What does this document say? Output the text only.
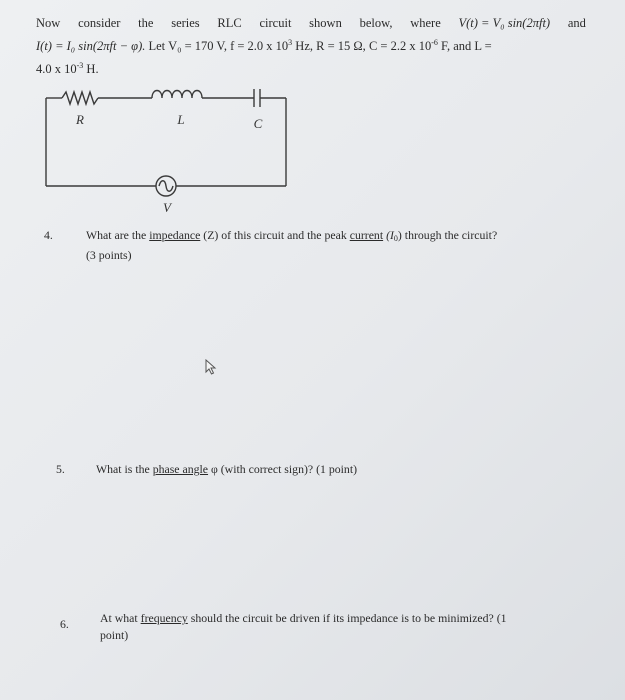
Now consider the series RLC circuit shown below, where V(t) = V₀ sin(2πft) and
I(t) = I₀ sin(2πft − φ). Let V₀ = 170 V, f = 2.0 x $10^3$ Hz, R = 15 Ω, C = 2.2 x $10^{-6}$ F, and L =
4.0 x $10^{-3}$ H.
R	L	C
V
4.	What are the impedance (Z) of this circuit and the peak current $(I_0)$ through the circuit?
(3 points)
5.	What is the phase angle φ (with correct sign)? (1 point)
6.	At what frequency should the circuit be driven if its impedance is to be minimized? (1
point)
